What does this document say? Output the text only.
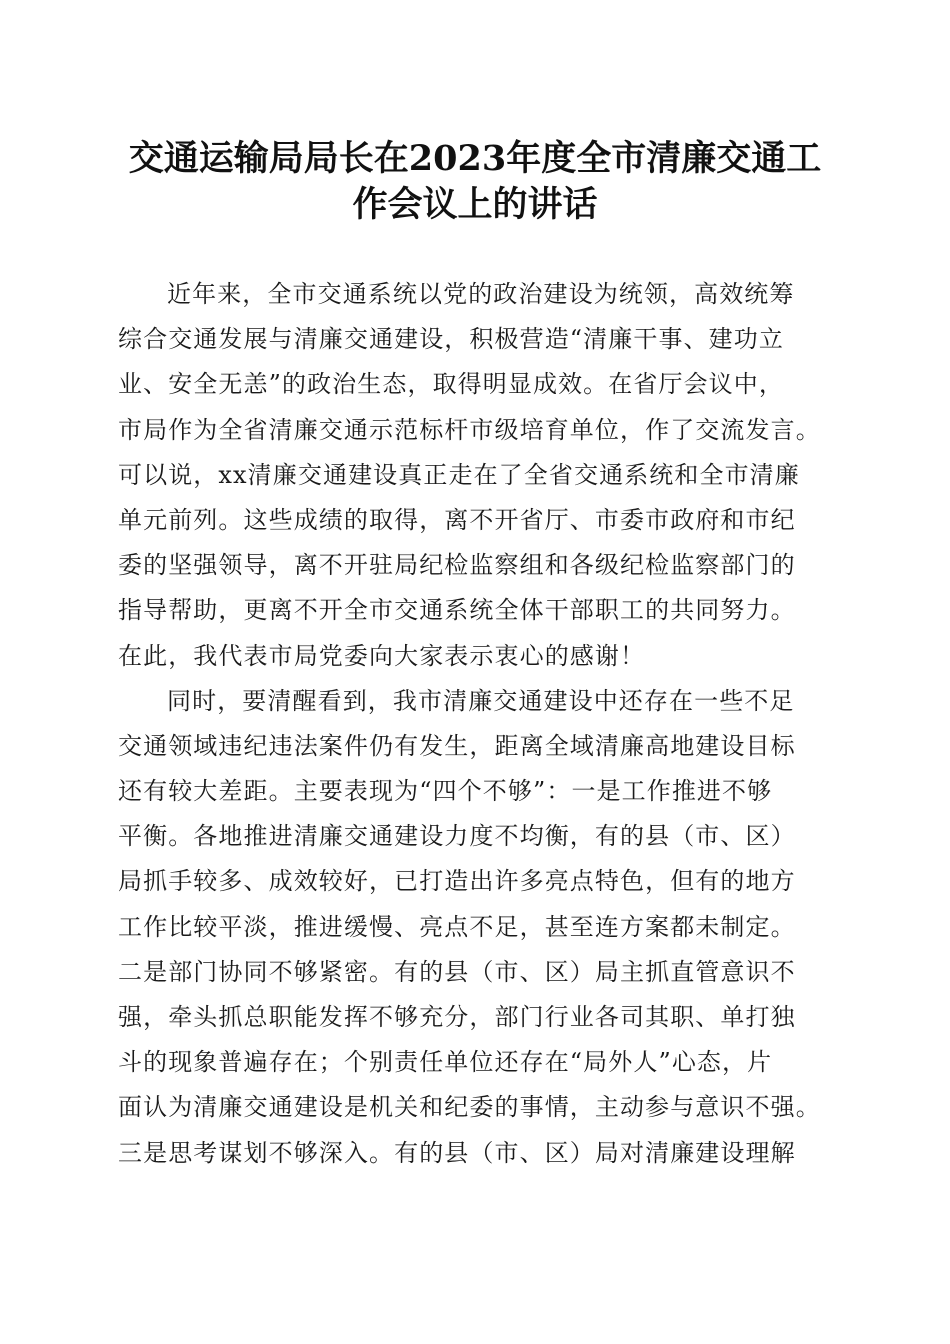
交通运输局局长在2023年度全市清廉交通工
作会议上的讲话
近年来，全市交通系统以党的政治建设为统领，高效统筹
综合交通发展与清廉交通建设，积极营造“清廉干事、建功立
业、安全无恙”的政治生态，取得明显成效。在省厅会议中，
市局作为全省清廉交通示范标杆市级培育单位，作了交流发言。
可以说，xx清廉交通建设真正走在了全省交通系统和全市清廉
单元前列。这些成绩的取得，离不开省厅、市委市政府和市纪
委的坚强领导，离不开驻局纪检监察组和各级纪检监察部门的
指导帮助，更离不开全市交通系统全体干部职工的共同努力。
在此，我代表市局党委向大家表示衷心的感谢！
同时，要清醒看到，我市清廉交通建设中还存在一些不足
交通领域违纪违法案件仍有发生，距离全域清廉高地建设目标
还有较大差距。主要表现为“四个不够”：一是工作推进不够
平衡。各地推进清廉交通建设力度不均衡，有的县（市、区）
局抓手较多、成效较好，已打造出许多亮点特色，但有的地方
工作比较平淡，推进缓慢、亮点不足，甚至连方案都未制定。
二是部门协同不够紧密。有的县（市、区）局主抓直管意识不
强，牵头抓总职能发挥不够充分，部门行业各司其职、单打独
斗的现象普遍存在；个别责任单位还存在“局外人”心态，片
面认为清廉交通建设是机关和纪委的事情，主动参与意识不强。
三是思考谋划不够深入。有的县（市、区）局对清廉建设理解
